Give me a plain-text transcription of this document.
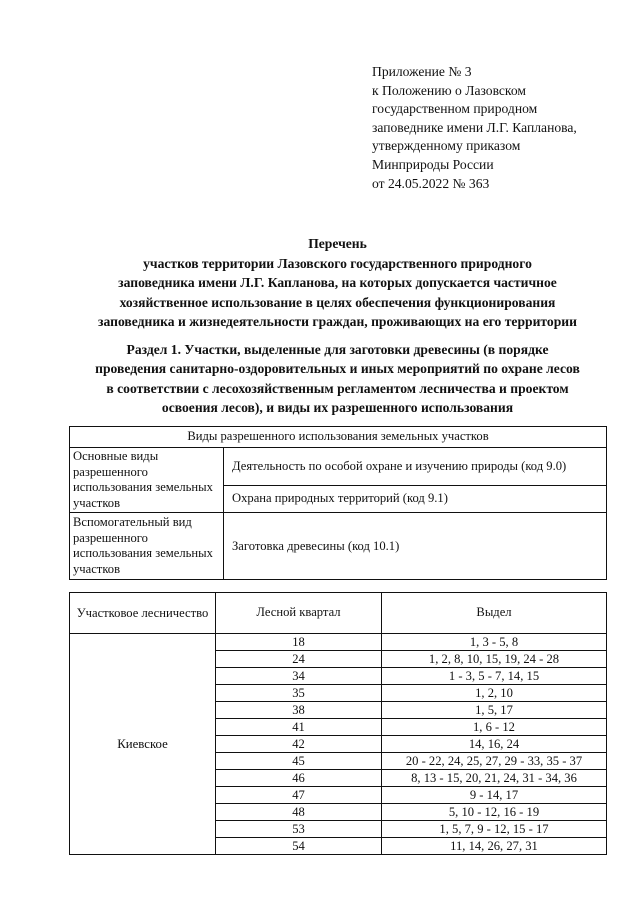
Приложение № 3
к Положению о Лазовском
государственном природном
заповеднике имени Л.Г. Капланова,
утвержденному приказом
Минприроды России
от 24.05.2022 № 363
Перечень
участков территории Лазовского государственного природного
заповедника имени Л.Г. Капланова, на которых допускается частичное
хозяйственное использование в целях обеспечения функционирования
заповедника и жизнедеятельности граждан, проживающих на его территории
Раздел 1. Участки, выделенные для заготовки древесины (в порядке
проведения санитарно-оздоровительных и иных мероприятий по охране лесов
в соответствии с лесохозяйственным регламентом лесничества и проектом
освоения лесов), и виды их разрешенного использования
Виды разрешенного использования земельных участков	
Основные виды разрешенного использования земельных участков	Деятельность по особой охране и изучению природы (код 9.0)
	Охрана природных территорий (код 9.1)
Вспомогательный вид разрешенного использования земельных участков	Заготовка древесины (код 10.1)
Участковое лесничество	Лесной квартал	Выдел
Киевское	18	1, 3 - 5, 8
	24	1, 2, 8, 10, 15, 19, 24 - 28
	34	1 - 3, 5 - 7, 14, 15
	35	1, 2, 10
	38	1, 5, 17
	41	1, 6 - 12
	42	14, 16, 24
	45	20 - 22, 24, 25, 27, 29 - 33, 35 - 37
	46	8, 13 - 15, 20, 21, 24, 31 - 34, 36
	47	9 - 14, 17
	48	5, 10 - 12, 16 - 19
	53	1, 5, 7, 9 - 12, 15 - 17
	54	11, 14, 26, 27, 31
